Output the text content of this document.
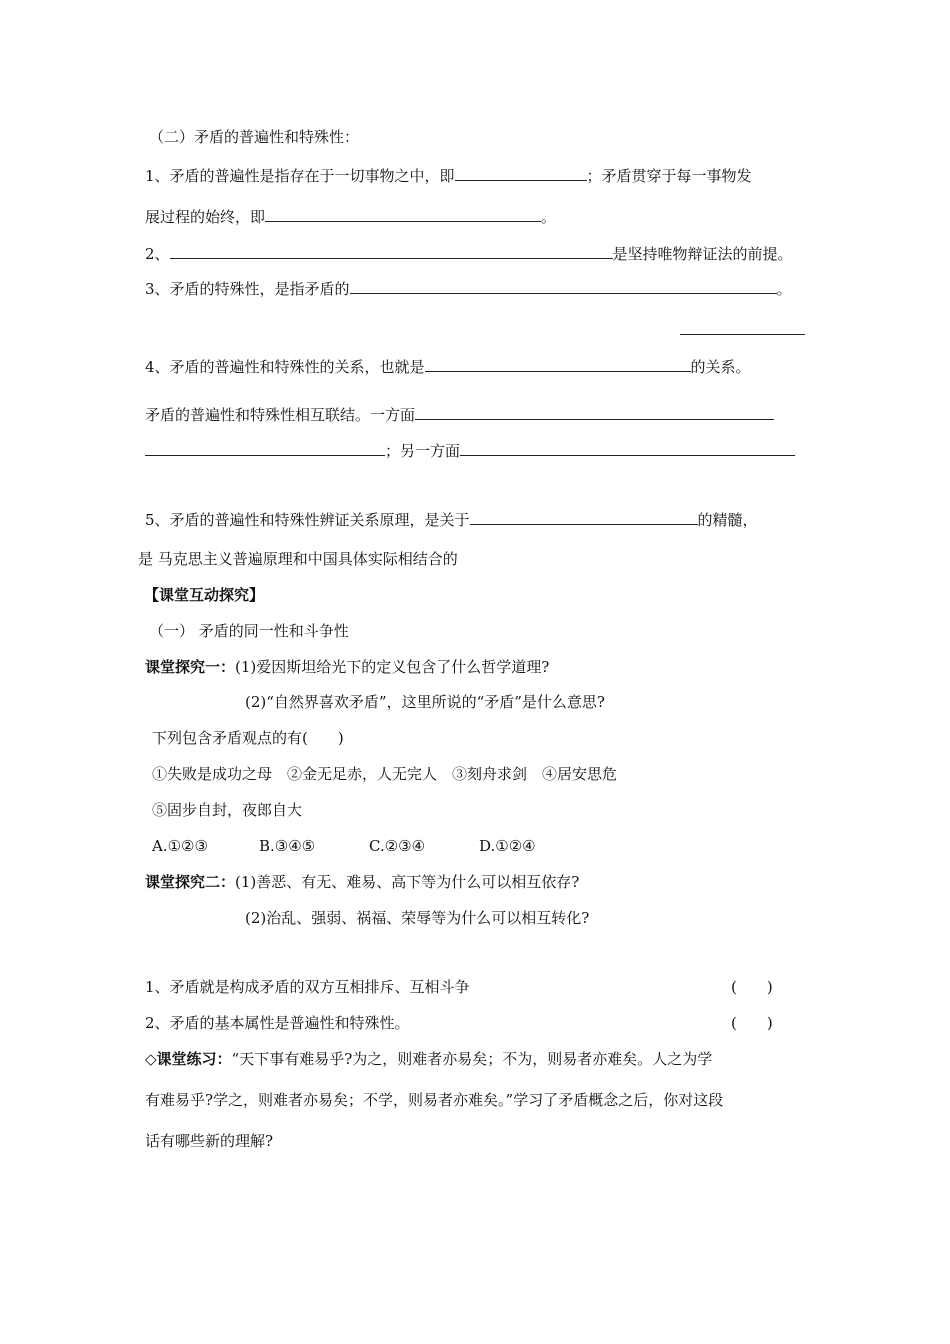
（二）矛盾的普遍性和特殊性：
1、矛盾的普遍性是指存在于一切事物之中，即	；矛盾贯穿于每一事物发
展过程的始终，即	。
2、	是坚持唯物辩证法的前提。
3、矛盾的特殊性，是指矛盾的	。
4、矛盾的普遍性和特殊性的关系，也就是	的关系。
矛盾的普遍性和特殊性相互联结。一方面
；另一方面
5、矛盾的普遍性和特殊性辨证关系原理，是关于	的精髓，
是 马克思主义普遍原理和中国具体实际相结合的
【课堂互动探究】
（一） 矛盾的同一性和斗争性
课堂探究一：(1)爱因斯坦给光下的定义包含了什么哲学道理?
(2)“自然界喜欢矛盾”，这里所说的“矛盾”是什么意思?
下列包含矛盾观点的有(　　)
①失败是成功之母　②金无足赤，人无完人　③刻舟求剑　④居安思危
⑤固步自封，夜郎自大
A.①②③	B.③④⑤	C.②③④	D.①②④
课堂探究二：(1)善恶、有无、难易、高下等为什么可以相互依存?
(2)治乱、强弱、祸福、荣辱等为什么可以相互转化?
1、矛盾就是构成矛盾的双方互相排斥、互相斗争	(　　)
2、矛盾的基本属性是普遍性和特殊性。	(　　)
◇课堂练习：“天下事有难易乎?为之，则难者亦易矣；不为，则易者亦难矣。人之为学
有难易乎?学之，则难者亦易矣；不学，则易者亦难矣。”学习了矛盾概念之后，你对这段
话有哪些新的理解?
